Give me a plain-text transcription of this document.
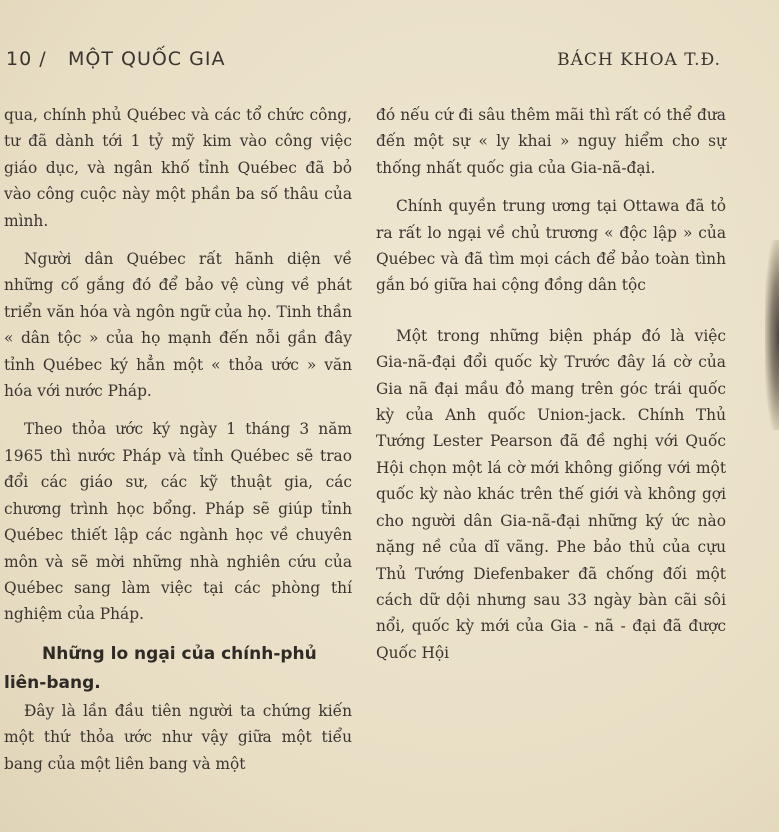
10 / MỘT QUỐC GIA	BÁCH KHOA T.Đ.

qua, chính phủ Québec và các tổ chức công, tư đã dành tới 1 tỷ mỹ kim vào công việc giáo dục, và ngân khố tỉnh Québec đã bỏ vào công cuộc này một phần ba số thâu của mình.

Người dân Québec rất hãnh diện về những cố gắng đó để bảo vệ cùng về phát triển văn hóa và ngôn ngữ của họ. Tinh thần « dân tộc » của họ mạnh đến nỗi gần đây tỉnh Québec ký hẳn một « thỏa ước » văn hóa với nước Pháp.

Theo thỏa ước ký ngày 1 tháng 3 năm 1965 thì nước Pháp và tỉnh Québec sẽ trao đổi các giáo sư, các kỹ thuật gia, các chương trình học bổng. Pháp sẽ giúp tỉnh Québec thiết lập các ngành học về chuyên môn và sẽ mời những nhà nghiên cứu của Québec sang làm việc tại các phòng thí nghiệm của Pháp.

Những lo ngại của chính-phủ liên-bang.

Đây là lần đầu tiên người ta chứng kiến một thứ thỏa ước như vậy giữa một tiểu bang của một liên bang và một

đó nếu cứ đi sâu thêm mãi thì rất có thể đưa đến một sự « ly khai » nguy hiểm cho sự thống nhất quốc gia của Gia-nã-đại.

Chính quyền trung ương tại Ottawa đã tỏ ra rất lo ngại về chủ trương « độc lập » của Québec và đã tìm mọi cách để bảo toàn tình gắn bó giữa hai cộng đồng dân tộc

Một trong những biện pháp đó là việc Gia-nã-đại đổi quốc kỳ Trước đây lá cờ của Gia nã đại mầu đỏ mang trên góc trái quốc kỳ của Anh quốc Union-jack. Chính Thủ Tướng Lester Pearson đã đề nghị với Quốc Hội chọn một lá cờ mới không giống với một quốc kỳ nào khác trên thế giới và không gợi cho người dân Gia-nã-đại những ký ức nào nặng nề của dĩ vãng. Phe bảo thủ của cựu Thủ Tướng Diefenbaker đã chống đối một cách dữ dội nhưng sau 33 ngày bàn cãi sôi nổi, quốc kỳ mới của Gia - nã - đại đã được Quốc Hội
